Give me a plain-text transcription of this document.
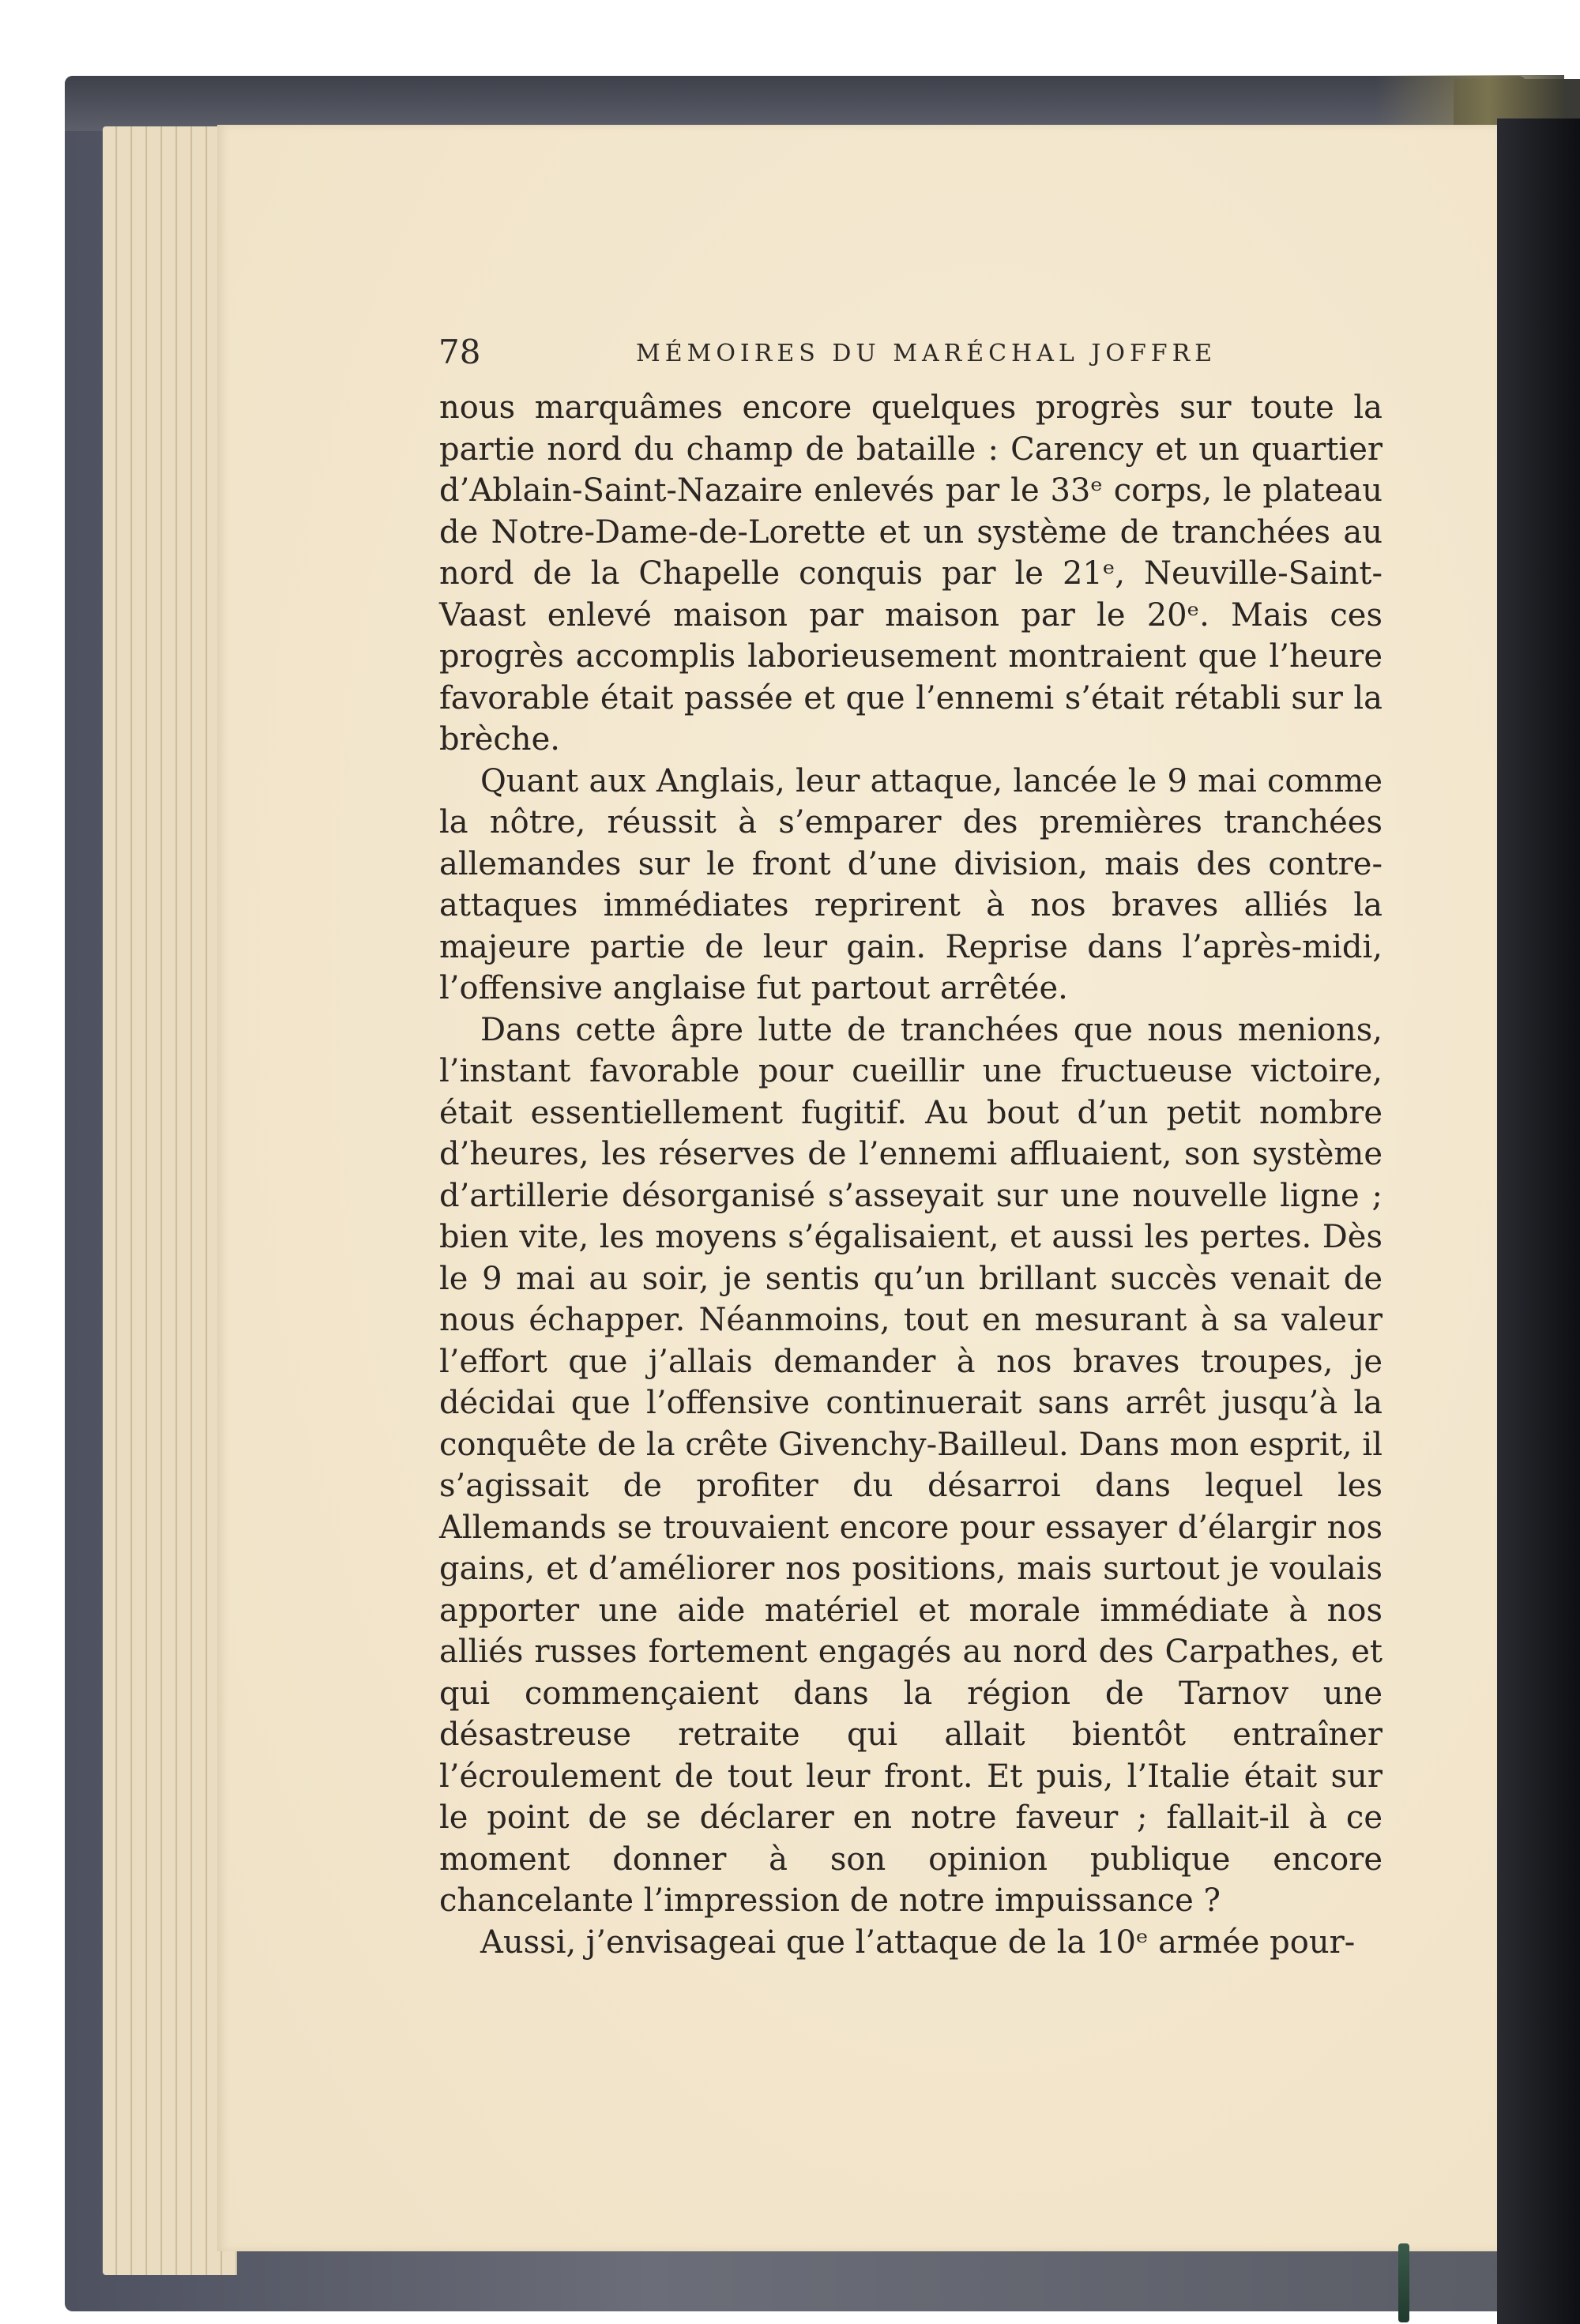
78	MÉMOIRES DU MARÉCHAL JOFFRE

nous marquâmes encore quelques progrès sur toute la partie nord du champ de bataille : Carency et un quartier d’Ablain-Saint-Nazaire enlevés par le 33ᵉ corps, le plateau de Notre-Dame-de-Lorette et un système de tranchées au nord de la Chapelle conquis par le 21ᵉ, Neuville-Saint-Vaast enlevé maison par maison par le 20ᵉ. Mais ces progrès accomplis laborieusement montraient que l’heure favorable était passée et que l’ennemi s’était rétabli sur la brèche.

Quant aux Anglais, leur attaque, lancée le 9 mai comme la nôtre, réussit à s’emparer des premières tranchées allemandes sur le front d’une division, mais des contre-attaques immédiates reprirent à nos braves alliés la majeure partie de leur gain. Reprise dans l’après-midi, l’offensive anglaise fut partout arrêtée.

Dans cette âpre lutte de tranchées que nous menions, l’instant favorable pour cueillir une fructueuse victoire, était essentiellement fugitif. Au bout d’un petit nombre d’heures, les réserves de l’ennemi affluaient, son système d’artillerie désorganisé s’asseyait sur une nouvelle ligne ; bien vite, les moyens s’égalisaient, et aussi les pertes. Dès le 9 mai au soir, je sentis qu’un brillant succès venait de nous échapper. Néanmoins, tout en mesurant à sa valeur l’effort que j’allais demander à nos braves troupes, je décidai que l’offensive continuerait sans arrêt jusqu’à la conquête de la crête Givenchy-Bailleul. Dans mon esprit, il s’agissait de profiter du désarroi dans lequel les Allemands se trouvaient encore pour essayer d’élargir nos gains, et d’améliorer nos positions, mais surtout je voulais apporter une aide matériel et morale immédiate à nos alliés russes fortement engagés au nord des Carpathes, et qui commençaient dans la région de Tarnov une désastreuse retraite qui allait bientôt entraîner l’écroulement de tout leur front. Et puis, l’Italie était sur le point de se déclarer en notre faveur ; fallait-il à ce moment donner à son opinion publique encore chancelante l’impression de notre impuissance ?

Aussi, j’envisageai que l’attaque de la 10ᵉ armée pour-
